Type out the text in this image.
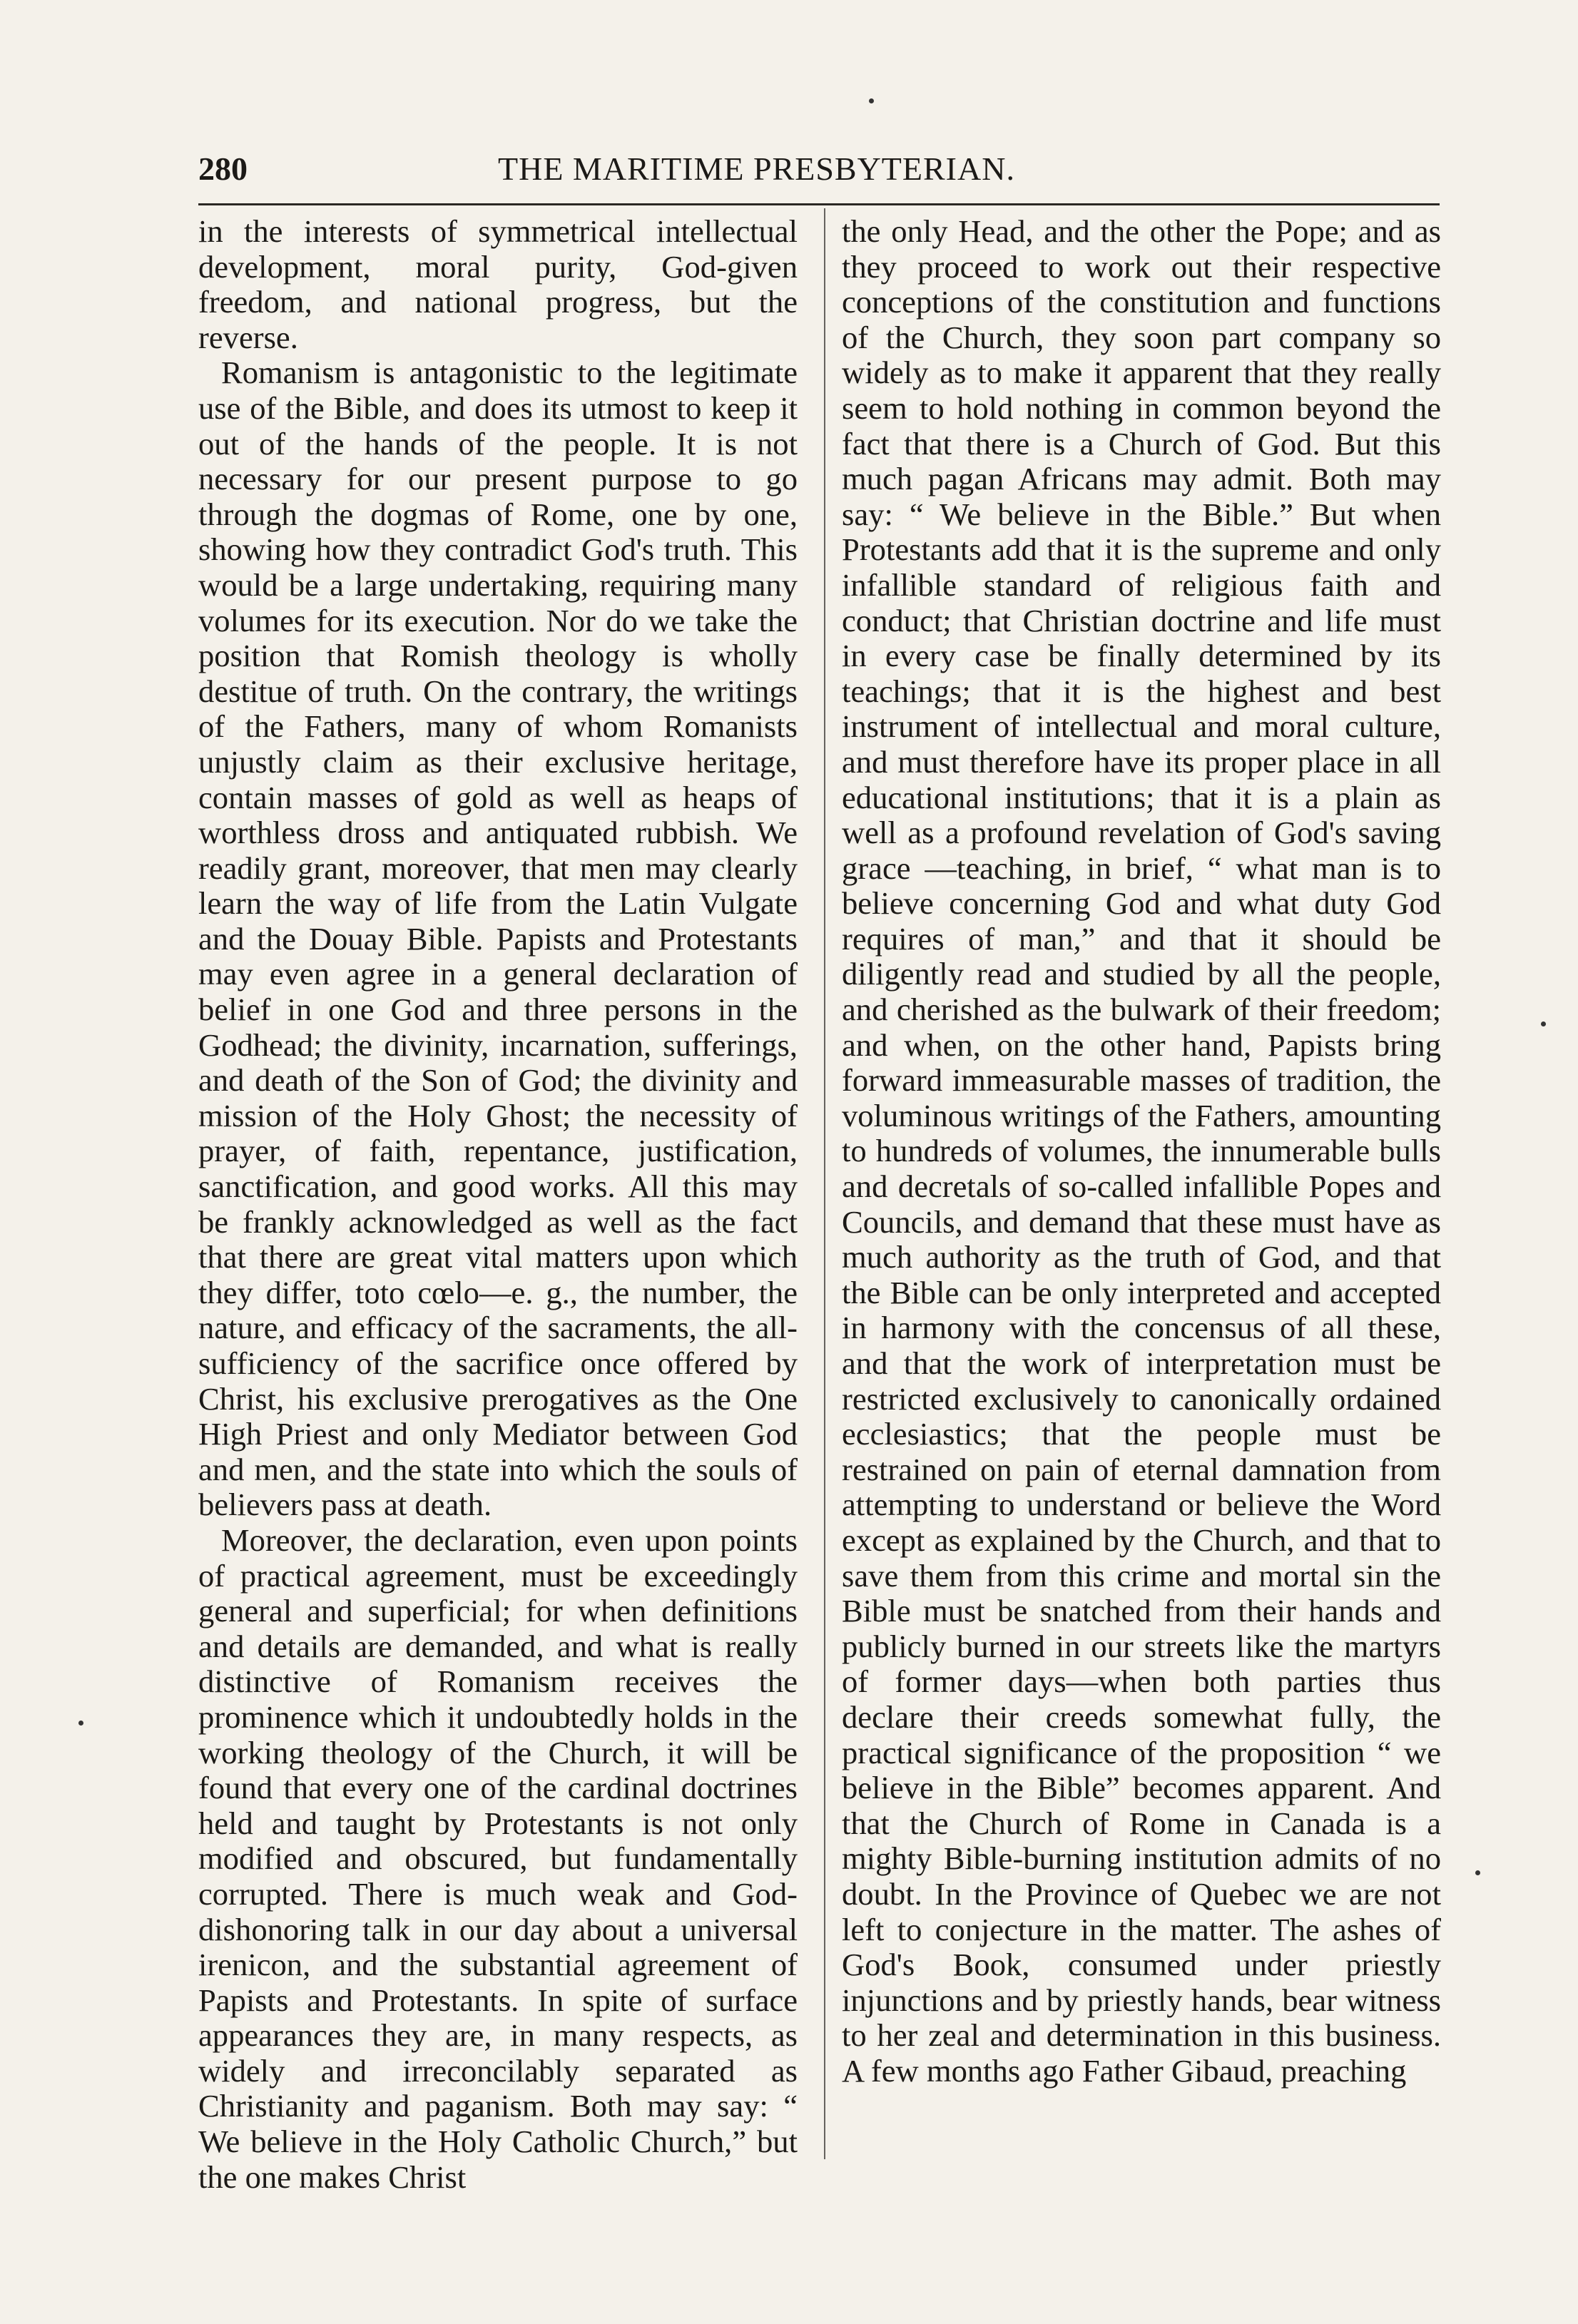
280	THE MARITIME PRESBYTERIAN.

in the interests of symmetrical intellectual development, moral purity, God-given freedom, and national progress, but the reverse.

Romanism is antagonistic to the legitimate use of the Bible, and does its utmost to keep it out of the hands of the people. It is not necessary for our present purpose to go through the dogmas of Rome, one by one, showing how they contradict God's truth. This would be a large undertaking, requiring many volumes for its execution. Nor do we take the position that Romish theology is wholly destitue of truth. On the contrary, the writings of the Fathers, many of whom Romanists unjustly claim as their exclusive heritage, contain masses of gold as well as heaps of worthless dross and antiquated rubbish. We readily grant, moreover, that men may clearly learn the way of life from the Latin Vulgate and the Douay Bible. Papists and Protestants may even agree in a general declaration of belief in one God and three persons in the Godhead; the divinity, incarnation, sufferings, and death of the Son of God; the divinity and mission of the Holy Ghost; the necessity of prayer, of faith, repentance, justification, sanctification, and good works. All this may be frankly acknowledged as well as the fact that there are great vital matters upon which they differ, toto cœlo—e. g., the number, the nature, and efficacy of the sacraments, the all-sufficiency of the sacrifice once offered by Christ, his exclusive prerogatives as the One High Priest and only Mediator between God and men, and the state into which the souls of believers pass at death.

Moreover, the declaration, even upon points of practical agreement, must be exceedingly general and superficial; for when definitions and details are demanded, and what is really distinctive of Romanism receives the prominence which it undoubtedly holds in the working theology of the Church, it will be found that every one of the cardinal doctrines held and taught by Protestants is not only modified and obscured, but fundamentally corrupted. There is much weak and God-dishonoring talk in our day about a universal irenicon, and the substantial agreement of Papists and Protestants. In spite of surface appearances they are, in many respects, as widely and irreconcilably separated as Christianity and paganism. Both may say: “ We believe in the Holy Catholic Church,” but the one makes Christ

the only Head, and the other the Pope; and as they proceed to work out their respective conceptions of the constitution and functions of the Church, they soon part company so widely as to make it apparent that they really seem to hold nothing in common beyond the fact that there is a Church of God. But this much pagan Africans may admit. Both may say: “ We believe in the Bible.” But when Protestants add that it is the supreme and only infallible standard of religious faith and conduct; that Christian doctrine and life must in every case be finally determined by its teachings; that it is the highest and best instrument of intellectual and moral culture, and must therefore have its proper place in all educational institutions; that it is a plain as well as a profound revelation of God's saving grace —teaching, in brief, “ what man is to believe concerning God and what duty God requires of man,” and that it should be diligently read and studied by all the people, and cherished as the bulwark of their freedom; and when, on the other hand, Papists bring forward immeasurable masses of tradition, the voluminous writings of the Fathers, amounting to hundreds of volumes, the innumerable bulls and decretals of so-called infallible Popes and Councils, and demand that these must have as much authority as the truth of God, and that the Bible can be only interpreted and accepted in harmony with the concensus of all these, and that the work of interpretation must be restricted exclusively to canonically ordained ecclesiastics; that the people must be restrained on pain of eternal damnation from attempting to understand or believe the Word except as explained by the Church, and that to save them from this crime and mortal sin the Bible must be snatched from their hands and publicly burned in our streets like the martyrs of former days—when both parties thus declare their creeds somewhat fully, the practical significance of the proposition “ we believe in the Bible” becomes apparent. And that the Church of Rome in Canada is a mighty Bible-burning institution admits of no doubt. In the Province of Quebec we are not left to conjecture in the matter. The ashes of God's Book, consumed under priestly injunctions and by priestly hands, bear witness to her zeal and determination in this business. A few months ago Father Gibaud, preaching
